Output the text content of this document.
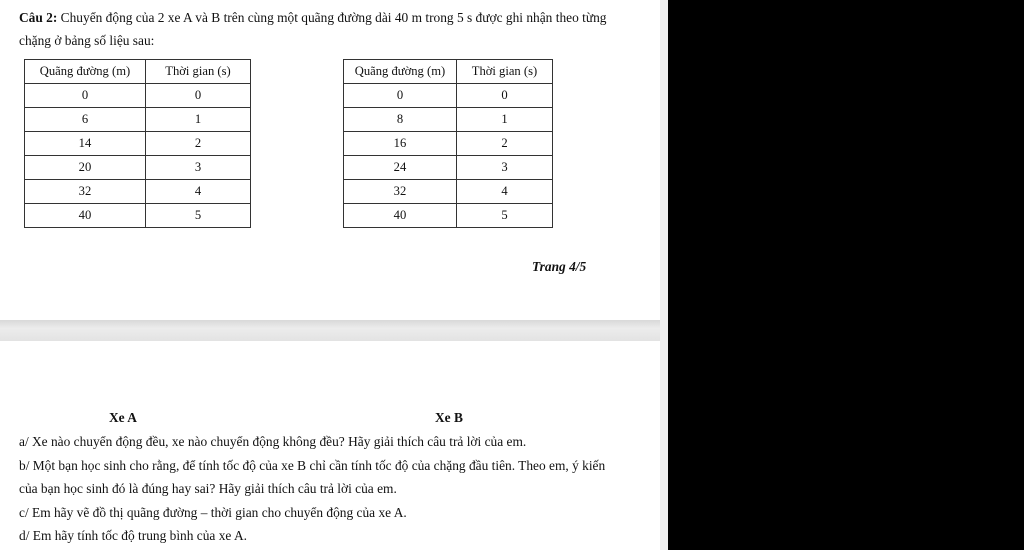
Câu 2: Chuyển động của 2 xe A và B trên cùng một quãng đường dài 40 m trong 5 s được ghi nhận theo từng chặng ở bảng số liệu sau:
Quãng đường (m)	Thời gian (s)
0	0
6	1
14	2
20	3
32	4
40	5
Quãng đường (m)	Thời gian (s)
0	0
8	1
16	2
24	3
32	4
40	5
Trang 4/5
Xe A	Xe B

a/ Xe nào chuyển động đều, xe nào chuyển động không đều? Hãy giải thích câu trả lời của em.

b/ Một bạn học sinh cho rằng, để tính tốc độ của xe B chỉ cần tính tốc độ của chặng đầu tiên. Theo em, ý kiến của bạn học sinh đó là đúng hay sai? Hãy giải thích câu trả lời của em.

c/ Em hãy vẽ đồ thị quãng đường – thời gian cho chuyển động của xe A.

d/ Em hãy tính tốc độ trung bình của xe A.
